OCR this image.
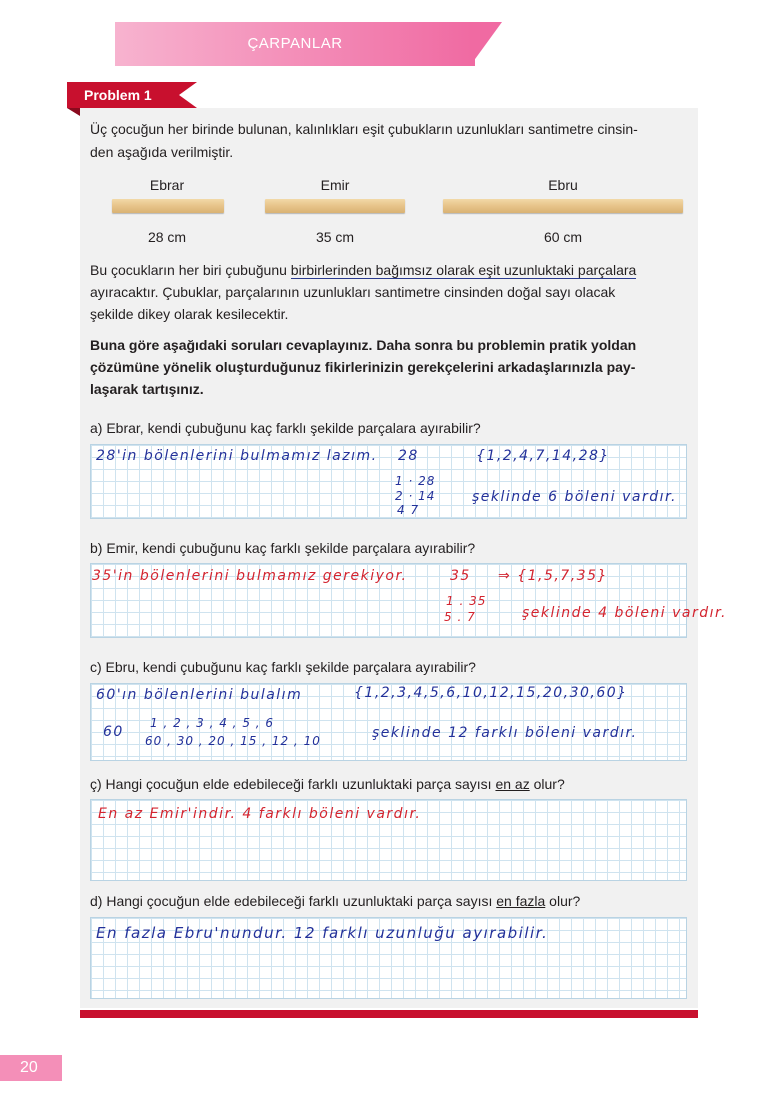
ÇARPANLAR
Problem 1
Üç çocuğun her birinde bulunan, kalınlıkları eşit çubukların uzunlukları santimetre cinsin-
den aşağıda verilmiştir.
Ebrar	Emir	Ebru
28 cm	35 cm	60 cm
Bu çocukların her biri çubuğunu birbirlerinden bağımsız olarak eşit uzunluktaki parçalara
ayıracaktır. Çubuklar, parçalarının uzunlukları santimetre cinsinden doğal sayı olacak
şekilde dikey olarak kesilecektir.
Buna göre aşağıdaki soruları cevaplayınız. Daha sonra bu problemin pratik yoldan
çözümüne yönelik oluşturduğunuz fikirlerinizin gerekçelerini arkadaşlarınızla pay-
laşarak tartışınız.
a) Ebrar, kendi çubuğunu kaç farklı şekilde parçalara ayırabilir?
28'in bölenlerini bulmamız lazım. 28
1 · 28
2 · 14
4 7
{1,2,4,7,14,28}
şeklinde 6 böleni vardır.
b) Emir, kendi çubuğunu kaç farklı şekilde parçalara ayırabilir?
35'in bölenlerini bulmamız gerekiyor.	35 ⇒ {1,5,7,35}
1 . 35
5 . 7	şeklinde 4 böleni vardır.
c) Ebru, kendi çubuğunu kaç farklı şekilde parçalara ayırabilir?
60'ın bölenlerini bulalım	{1,2,3,4,5,6,10,12,15,20,30,60}
60
1 , 2 , 3 , 4 , 5 , 6
60 , 30 , 20 , 15 , 12 , 10	şeklinde 12 farklı böleni vardır.
ç) Hangi çocuğun elde edebileceği farklı uzunluktaki parça sayısı en az olur?
En az Emir'indir. 4 farklı böleni vardır.
d) Hangi çocuğun elde edebileceği farklı uzunluktaki parça sayısı en fazla olur?
En fazla Ebru'nundur. 12 farklı uzunluğu ayırabilir.
20
